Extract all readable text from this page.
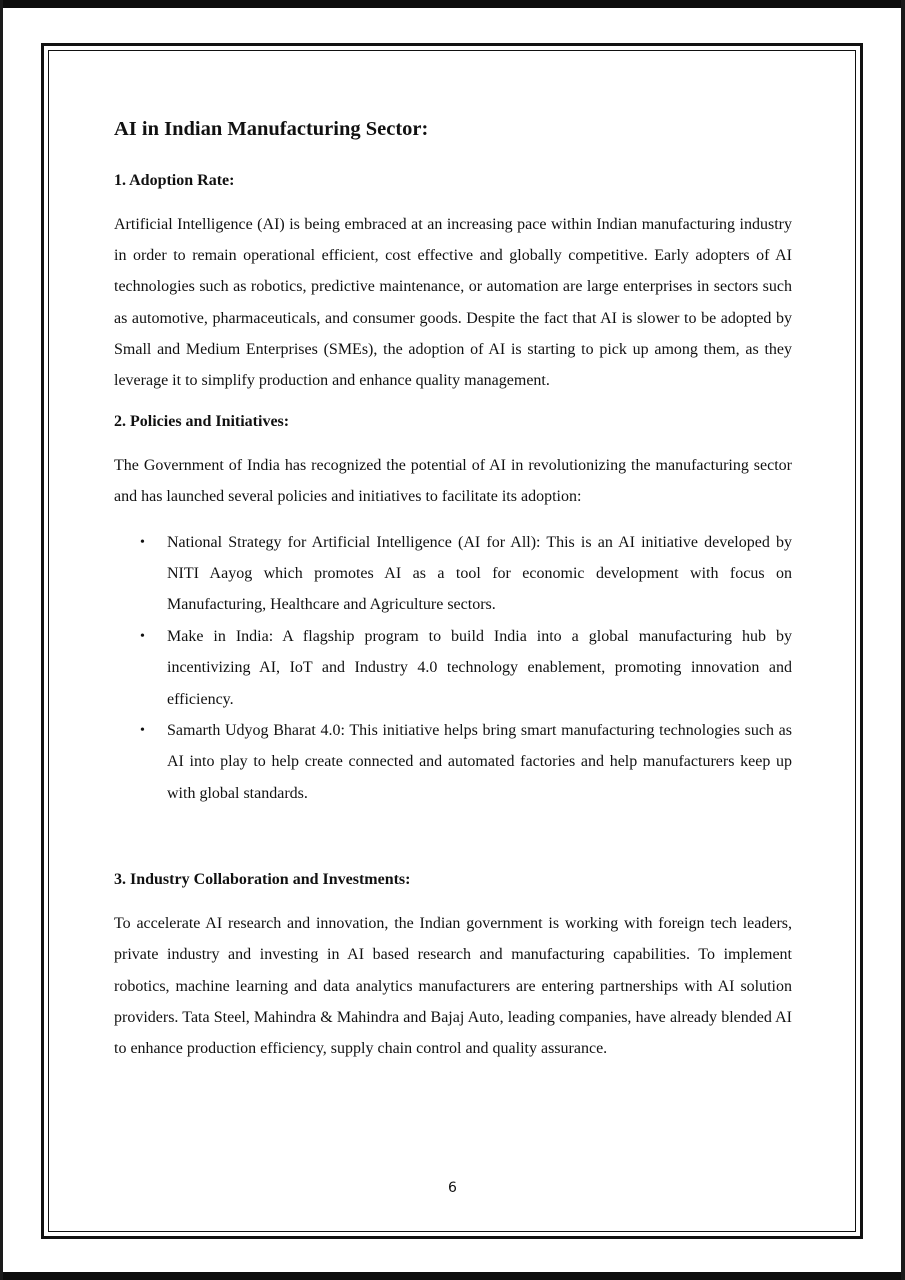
AI in Indian Manufacturing Sector:
1. Adoption Rate:

Artificial Intelligence (AI) is being embraced at an increasing pace within Indian manufacturing industry in order to remain operational efficient, cost effective and globally competitive. Early adopters of AI technologies such as robotics, predictive maintenance, or automation are large enterprises in sectors such as automotive, pharmaceuticals, and consumer goods. Despite the fact that AI is slower to be adopted by Small and Medium Enterprises (SMEs), the adoption of AI is starting to pick up among them, as they leverage it to simplify production and enhance quality management.

2. Policies and Initiatives:

The Government of India has recognized the potential of AI in revolutionizing the manufacturing sector and has launched several policies and initiatives to facilitate its adoption:

• National Strategy for Artificial Intelligence (AI for All): This is an AI initiative developed by NITI Aayog which promotes AI as a tool for economic development with focus on Manufacturing, Healthcare and Agriculture sectors.
• Make in India: A flagship program to build India into a global manufacturing hub by incentivizing AI, IoT and Industry 4.0 technology enablement, promoting innovation and efficiency.
• Samarth Udyog Bharat 4.0: This initiative helps bring smart manufacturing technologies such as AI into play to help create connected and automated factories and help manufacturers keep up with global standards.
3. Industry Collaboration and Investments:

To accelerate AI research and innovation, the Indian government is working with foreign tech leaders, private industry and investing in AI based research and manufacturing capabilities. To implement robotics, machine learning and data analytics manufacturers are entering partnerships with AI solution providers. Tata Steel, Mahindra & Mahindra and Bajaj Auto, leading companies, have already blended AI to enhance production efficiency, supply chain control and quality assurance.

6
